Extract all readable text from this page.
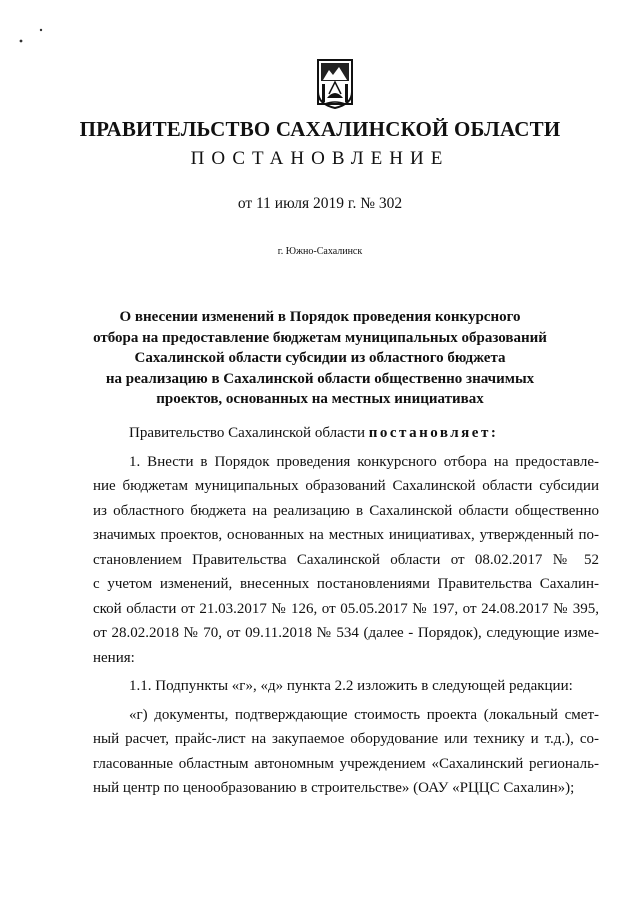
ПРАВИТЕЛЬСТВО САХАЛИНСКОЙ ОБЛАСТИ
ПОСТАНОВЛЕНИЕ
от 11 июля 2019 г. № 302
г. Южно-Сахалинск
О внесении изменений в Порядок проведения конкурсного
отбора на предоставление бюджетам муниципальных образований
Сахалинской области субсидии из областного бюджета
на реализацию в Сахалинской области общественно значимых
проектов, основанных на местных инициативах
Правительство Сахалинской области постановляет:
1. Внести в Порядок проведения конкурсного отбора на предоставле-
ние бюджетам муниципальных образований Сахалинской области субсидии
из областного бюджета на реализацию в Сахалинской области общественно
значимых проектов, основанных на местных инициативах, утвержденный по-
становлением Правительства Сахалинской области от 08.02.2017 № 52
с учетом изменений, внесенных постановлениями Правительства Сахалин-
ской области от 21.03.2017 № 126, от 05.05.2017 № 197, от 24.08.2017 № 395,
от 28.02.2018 № 70, от 09.11.2018 № 534 (далее - Порядок), следующие изме-
нения:
1.1. Подпункты «г», «д» пункта 2.2 изложить в следующей редакции:
«г) документы, подтверждающие стоимость проекта (локальный смет-
ный расчет, прайс-лист на закупаемое оборудование или технику и т.д.), со-
гласованные областным автономным учреждением «Сахалинский региональ-
ный центр по ценообразованию в строительстве» (ОАУ «РЦЦС Сахалин»);
